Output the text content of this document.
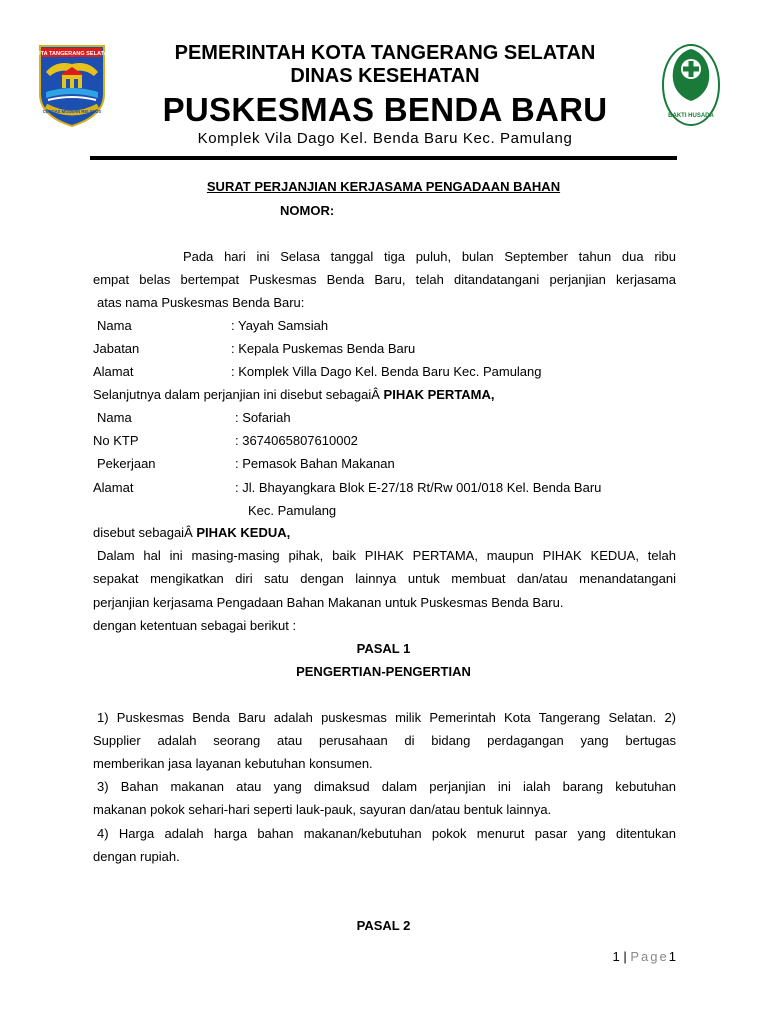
KOTA TANGERANG SELATAN
CERDAS MODERN RELIGIUS
BAKTI HUSADA
PEMERINTAH KOTA TANGERANG SELATAN
DINAS KESEHATAN
PUSKESMAS BENDA BARU
Komplek Vila Dago Kel. Benda Baru Kec. Pamulang
SURAT PERJANJIAN KERJASAMA PENGADAAN BAHAN
NOMOR:
Pada hari ini Selasa tanggal tiga puluh, bulan September tahun dua ribu
empat belas bertempat Puskesmas Benda Baru, telah ditandatangani perjanjian kerjasama
atas nama Puskesmas Benda Baru:
Nama	: Yayah Samsiah
Jabatan	: Kepala Puskemas Benda Baru
Alamat	: Komplek Villa Dago Kel. Benda Baru Kec. Pamulang
Selanjutnya dalam perjanjian ini disebut sebagaiÂ PIHAK PERTAMA,
Nama	: Sofariah
No KTP	: 3674065807610002
Pekerjaan	: Pemasok Bahan Makanan
Alamat	: Jl. Bhayangkara Blok E-27/18 Rt/Rw 001/018 Kel. Benda Baru
Kec. Pamulang
disebut sebagaiÂ PIHAK KEDUA,
Dalam hal ini masing-masing pihak, baik PIHAK PERTAMA, maupun PIHAK KEDUA, telah
sepakat mengikatkan diri satu dengan lainnya untuk membuat dan/atau menandatangani
perjanjian kerjasama Pengadaan Bahan Makanan untuk Puskesmas Benda Baru.
dengan ketentuan sebagai berikut :
PASAL 1
PENGERTIAN-PENGERTIAN
1) Puskesmas Benda Baru adalah puskesmas milik Pemerintah Kota Tangerang Selatan. 2)
Supplier adalah seorang atau perusahaan di bidang perdagangan yang bertugas
memberikan jasa layanan kebutuhan konsumen.
3) Bahan makanan atau yang dimaksud dalam perjanjian ini ialah barang kebutuhan
makanan pokok sehari-hari seperti lauk-pauk, sayuran dan/atau bentuk lainnya.
4) Harga adalah harga bahan makanan/kebutuhan pokok menurut pasar yang ditentukan
dengan rupiah.
PASAL 2
1 | Page1
